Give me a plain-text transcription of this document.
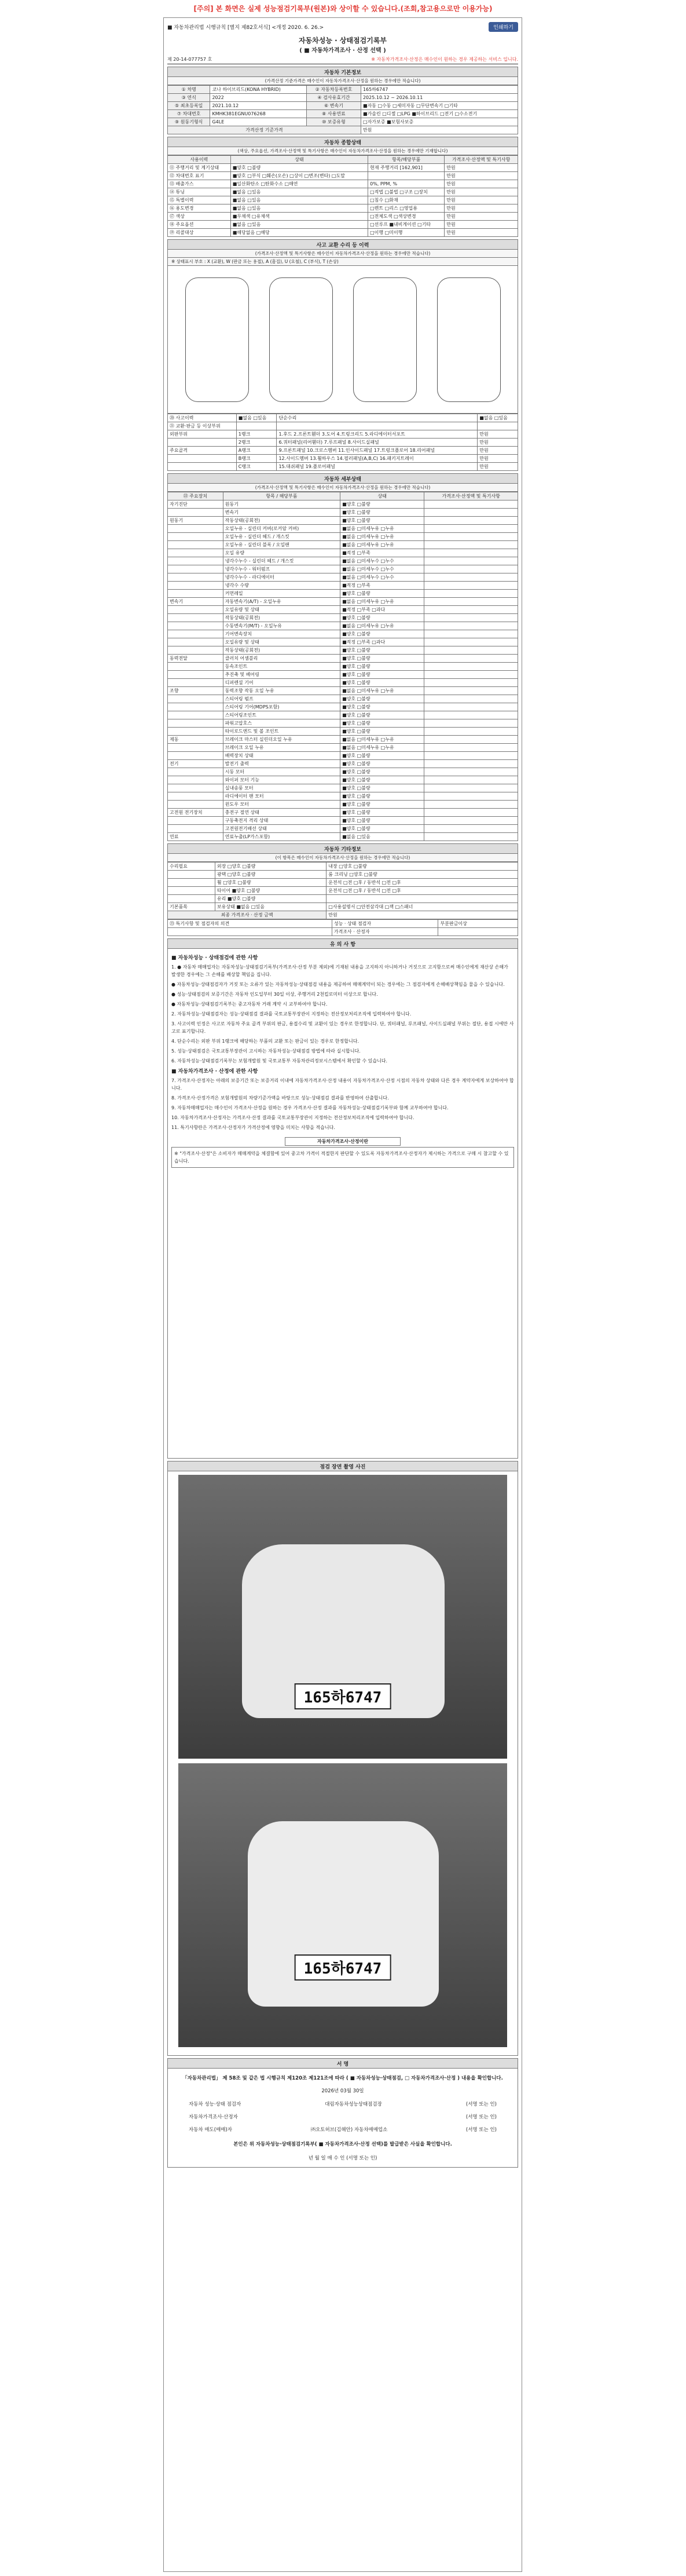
[주의] 본 화면은 실제 성능점검기록부(원본)와 상이할 수 있습니다.(조회,참고용으로만 이용가능)
■ 자동차관리법 시행규칙 [별지 제82호서식] <개정 2020. 6. 26.>	인쇄하기
자동차성능 · 상태점검기록부
( ■ 자동차가격조사 · 산정 선택 )
제 20-14-077757 호	※ 자동차가격조사·산정은 매수인이 원하는 경우 제공하는 서비스 입니다.
자동차 기본정보
(가격산정 기준가격은 매수인이 자동차가격조사·산정을 원하는 경우에만 적습니다)
① 차명	코나 하이브리드(KONA HYBRID)	② 자동차등록번호	165하6747
③ 연식	2022	④ 검사유효기간	2025.10.12 ~ 2026.10.11
⑤ 최초등록일	2021.10.12	⑥ 변속기	■자동 □수동 □세미자동 □무단변속기 □기타
⑦ 차대번호	KMHK381EGNU076268	⑧ 사용연료	■가솔린 □디젤 □LPG ■하이브리드 □전기 □수소전기
⑨ 원동기형식	G4LE	⑩ 보증유형	□자가보증 ■보험사보증
가격산정 기준가격			만원
자동차 종합상태
(색상, 주요옵션, 가격조사·산정액 및 특기사항은 매수인이 자동차가격조사·산정을 원하는 경우에만 기재합니다)
사용이력	상태	항목/해당부품	가격조사·산정액 및 특기사항
⑪ 주행거리 및 계기상태	■양호 □불량	현재 주행거리 [162,901]	만원
⑫ 차대번호 표기	■양호 □부식 □훼손(오손) □상이 □변조(변타) □도말		만원
⑬ 배출가스	■일산화탄소 □탄화수소 □매연	0%, PPM, %	만원
⑭ 튜닝	■없음 □있음	□적법 □불법 □구조 □장치	만원
⑮ 특별이력	■없음 □있음	□침수 □화재	만원
⑯ 용도변경	■없음 □있음	□렌트 □리스 □영업용	만원
⑰ 색상	■무채색 □유채색	□전체도색 □색상변경	만원
⑱ 주요옵션	■없음 □있음	□선루프 ■내비게이션 □기타	만원
⑲ 리콜대상	■해당없음 □해당	□이행 □미이행	만원
사고 교환 수리 등 이력
(가격조사·산정액 및 특기사항은 매수인이 자동차가격조사·산정을 원하는 경우에만 적습니다)
※ 상태표시 부호 : X (교환), W (판금 또는 용접), A (흠집), U (요철), C (부식), T (손상)
⑳ 사고이력	■없음 □있음	단순수리	■없음 □있음
㉑ 교환·판금 등 이상부위			
외판부위	1랭크	1.후드 2.프론트휀더 3.도어 4.트렁크리드 5.라디에이터서포트	만원
	2랭크	6.쿼터패널(리어휀더) 7.루프패널 8.사이드실패널	만원
주요골격	A랭크	9.프론트패널 10.크로스멤버 11.인사이드패널 17.트렁크플로어 18.리어패널	만원
	B랭크	12.사이드멤버 13.휠하우스 14.필러패널(A,B,C) 16.패키지트레이	만원
	C랭크	15.대쉬패널 19.플로어패널	만원
자동차 세부상태
(가격조사·산정액 및 특기사항은 매수인이 자동차가격조사·산정을 원하는 경우에만 적습니다)
㉒ 주요장치	항목 / 해당부품	상태	가격조사·산정액 및 특기사항
자기진단	원동기	■양호 □불량	
	변속기	■양호 □불량	
원동기	작동상태(공회전)	■양호 □불량	
	오일누유 - 실린더 커버(로커암 커버)	■없음 □미세누유 □누유	
	오일누유 - 실린더 헤드 / 개스킷	■없음 □미세누유 □누유	
	오일누유 - 실린더 블록 / 오일팬	■없음 □미세누유 □누유	
	오일 유량	■적정 □부족	
	냉각수누수 - 실린더 헤드 / 개스킷	■없음 □미세누수 □누수	
	냉각수누수 - 워터펌프	■없음 □미세누수 □누수	
	냉각수누수 - 라디에이터	■없음 □미세누수 □누수	
	냉각수 수량	■적정 □부족	
	커먼레일	■양호 □불량	
변속기	자동변속기(A/T) - 오일누유	■없음 □미세누유 □누유	
	오일유량 및 상태	■적정 □부족 □과다	
	작동상태(공회전)	■양호 □불량	
	수동변속기(M/T) - 오일누유	■없음 □미세누유 □누유	
	기어변속장치	■양호 □불량	
	오일유량 및 상태	■적정 □부족 □과다	
	작동상태(공회전)	■양호 □불량	
동력전달	클러치 어셈블리	■양호 □불량	
	등속조인트	■양호 □불량	
	추진축 및 베어링	■양호 □불량	
	디퍼렌셜 기어	■양호 □불량	
조향	동력조향 작동 오일 누유	■없음 □미세누유 □누유	
	스티어링 펌프	■양호 □불량	
	스티어링 기어(MDPS포함)	■양호 □불량	
	스티어링조인트	■양호 □불량	
	파워고압호스	■양호 □불량	
	타이로드엔드 및 볼 조인트	■양호 □불량	
제동	브레이크 마스터 실린더오일 누유	■없음 □미세누유 □누유	
	브레이크 오일 누유	■없음 □미세누유 □누유	
	배력장치 상태	■양호 □불량	
전기	발전기 출력	■양호 □불량	
	시동 모터	■양호 □불량	
	와이퍼 모터 기능	■양호 □불량	
	실내송풍 모터	■양호 □불량	
	라디에이터 팬 모터	■양호 □불량	
	윈도우 모터	■양호 □불량	
고전원 전기장치	충전구 절연 상태	■양호 □불량	
	구동축전지 격리 상태	■양호 □불량	
	고전원전기배선 상태	■양호 □불량	
연료	연료누출(LP가스포함)	■없음 □있음	
자동차 기타정보
(이 항목은 매수인이 자동차가격조사·산정을 원하는 경우에만 적습니다)
수리필요	외장 □양호 □불량	내장 □양호 □불량
	광택 □양호 □불량	룸 크리닝 □양호 □불량
	휠 □양호 □불량	운전석 □전 □후 / 동반석 □전 □후
	타이어 ■양호 □불량	운전석 □전 □후 / 동반석 □전 □후
	유리 ■양호 □불량	
기본품목	보유상태 ■없음 □있음	□사용설명서 □안전삼각대 □잭 □스패너
최종 가격조사 · 산정 금액		만원
㉓ 특기사항 및 점검자의 의견	성능 · 상태 점검자	부분판금이상
	가격조사 · 산정자	
유 의 사 항
■ 자동차성능 · 상태점검에 관한 사항

1. ● 자동차 매매업자는 자동차성능·상태점검기록부(가격조사·산정 부분 제외)에 기재된 내용을 고지하지 아니하거나 거짓으로 고지함으로써 매수인에게 재산상 손해가 발생한 경우에는 그 손해를 배상할 책임을 집니다.

● 자동차성능·상태점검자가 거짓 또는 오류가 있는 자동차성능·상태점검 내용을 제공하여 매매계약이 되는 경우에는 그 점검자에게 손해배상책임을 물을 수 있습니다.

● 성능·상태점검의 보증기간은 자동차 인도일부터 30일 이상, 주행거리 2천킬로미터 이상으로 합니다.

● 자동차성능·상태점검기록부는 중고자동차 거래 계약 시 교부하여야 합니다.

2. 자동차성능·상태점검자는 성능·상태점검 결과를 국토교통부장관이 지정하는 전산정보처리조직에 입력하여야 합니다.

3. 사고이력 인정은 사고로 자동차 주요 골격 부위의 판금, 용접수리 및 교환이 있는 경우로 한정합니다. 단, 쿼터패널, 루프패널, 사이드실패널 부위는 절단, 용접 시에만 사고로 표기합니다.

4. 단순수리는 외판 부위 1랭크에 해당하는 부품의 교환 또는 판금이 있는 경우로 한정합니다.

5. 성능·상태점검은 국토교통부장관이 고시하는 자동차성능·상태점검 방법에 따라 실시합니다.

6. 자동차성능·상태점검기록부는 보험개발원 및 국토교통부 자동차관리정보시스템에서 확인할 수 있습니다.

■ 자동차가격조사 · 산정에 관한 사항

7. 가격조사·산정자는 아래의 보증기간 또는 보증거리 이내에 자동차가격조사·산정 내용이 자동차가격조사·산정 시점의 자동차 상태와 다른 경우 계약자에게 보상하여야 합니다.

8. 가격조사·산정가격은 보험개발원의 차량기준가액을 바탕으로 성능·상태점검 결과를 반영하여 산출합니다.

9. 자동차매매업자는 매수인이 가격조사·산정을 원하는 경우 가격조사·산정 결과를 자동차성능·상태점검기록부와 함께 교부하여야 합니다.

10. 자동차가격조사·산정자는 가격조사·산정 결과를 국토교통부장관이 지정하는 전산정보처리조직에 입력하여야 합니다.

11. 특기사항란은 가격조사·산정자가 가격산정에 영향을 미치는 사항을 적습니다.

자동차가격조사·산정이란
※ "가격조사·산정"은 소비자가 매매계약을 체결함에 있어 중고차 가격이 적절한지 판단할 수 있도록 자동차가격조사·산정자가 제시하는 가격으로 구매 시 참고할 수 있습니다.
점검 장면 촬영 사진
165하6747
165하6747
서 명
「자동차관리법」 제 58조 및 같은 법 시행규칙 제120조 제121조에 따라 ( ■ 자동차성능·상태점검, □ 자동차가격조사·산정 ) 내용을 확인합니다.
2026년 03월 30일
자동차 성능·상태 점검자	대림자동차성능상태점검장	(서명 또는 인)
자동차가격조사·산정자	(서명 또는 인)
자동차 매도(매매)자	㈜오토허브(김해안) 자동차매매업소	(서명 또는 인)
본인은 위 자동차성능·상태점검기록부( ■ 자동차가격조사·산정 선택)를 발급받은 사실을 확인합니다.
년 월 일 매 수 인 (서명 또는 인)
